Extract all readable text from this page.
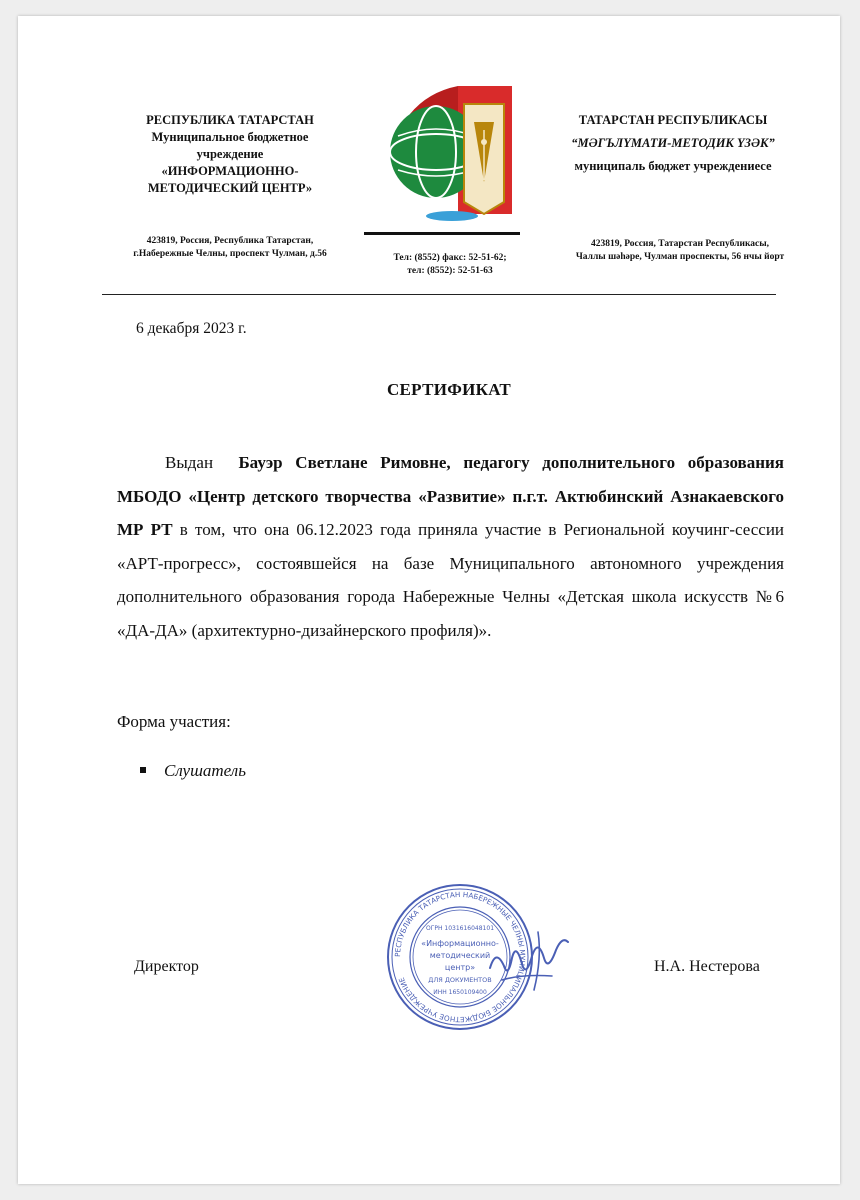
РЕСПУБЛИКА ТАТАРСТАН
Муниципальное бюджетное
учреждение
«ИНФОРМАЦИОННО-
МЕТОДИЧЕСКИЙ ЦЕНТР»
423819, Россия, Республика Татарстан,
г.Набережные Челны, проспект Чулман, д.56	Тел: (8552) факс: 52-51-62;
тел: (8552): 52-51-63
ТАТАРСТАН РЕСПУБЛИКАСЫ
“МӘГЪЛҮМАТИ-МЕТОДИК ҮЗӘК”
муниципаль бюджет учреждениесе
423819, Россия, Татарстан Республикасы,
Чаллы шәһәре, Чулман проспекты, 56 нчы йорт
6 декабря 2023 г.
СЕРТИФИКАТ

Выдан Бауэр Светлане Римовне, педагогу дополнительного образования МБОДО «Центр детского творчества «Развитие» п.г.т. Актюбинский Азнакаевского МР РТ в том, что она 06.12.2023 года приняла участие в Региональной коучинг-сессии «АРТ-прогресс», состоявшейся на базе Муниципального автономного учреждения дополнительного образования города Набережные Челны «Детская школа искусств №6 «ДА-ДА» (архитектурно-дизайнерского профиля)».

Форма участия:
Слушатель
Директор	Н.А. Нестерова
РЕСПУБЛИКА ТАТАРСТАН НАБЕРЕЖНЫЕ ЧЕЛНЫ МУНИЦИПАЛЬНОЕ БЮДЖЕТНОЕ УЧРЕЖДЕНИЕ
ОГРН 1031616048101
«Информационно-
методический
центр»
ДЛЯ ДОКУМЕНТОВ
ИНН 1650109400
